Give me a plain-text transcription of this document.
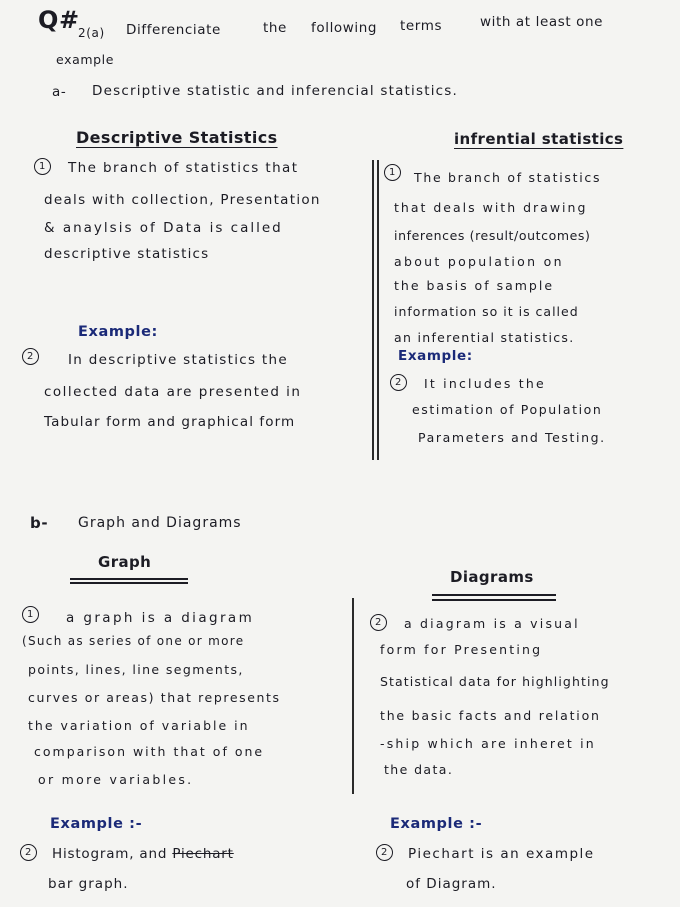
Q#
2(a) Differenciate	the following terms	with at least one
example
a- Descriptive statistic and inferencial statistics.
Descriptive Statistics
1	The branch of statistics that
deals with collection, Presentation
& anaylsis of Data is called
descriptive statistics
Example:
2	In descriptive statistics the
collected data are presented in
Tabular form and graphical form
infrential statistics
1	The branch of statistics
that deals with drawing
inferences (result/outcomes)
about population on
the basis of sample
information so it is called
an inferential statistics.
Example:
2	It includes the
estimation of Population
Parameters and Testing.
b- Graph and Diagrams
Graph
1	a graph is a diagram
(Such as series of one or more
points, lines, line segments,
curves or areas) that represents
the variation of variable in
comparison with that of one
or more variables.
Example :-
2	Histogram, and Piechart
bar graph.
Diagrams
2	a diagram is a visual
form for Presenting
Statistical data for highlighting
the basic facts and relation
-ship which are inheret in
the data.
Example :-
2	Piechart is an example
of Diagram.
